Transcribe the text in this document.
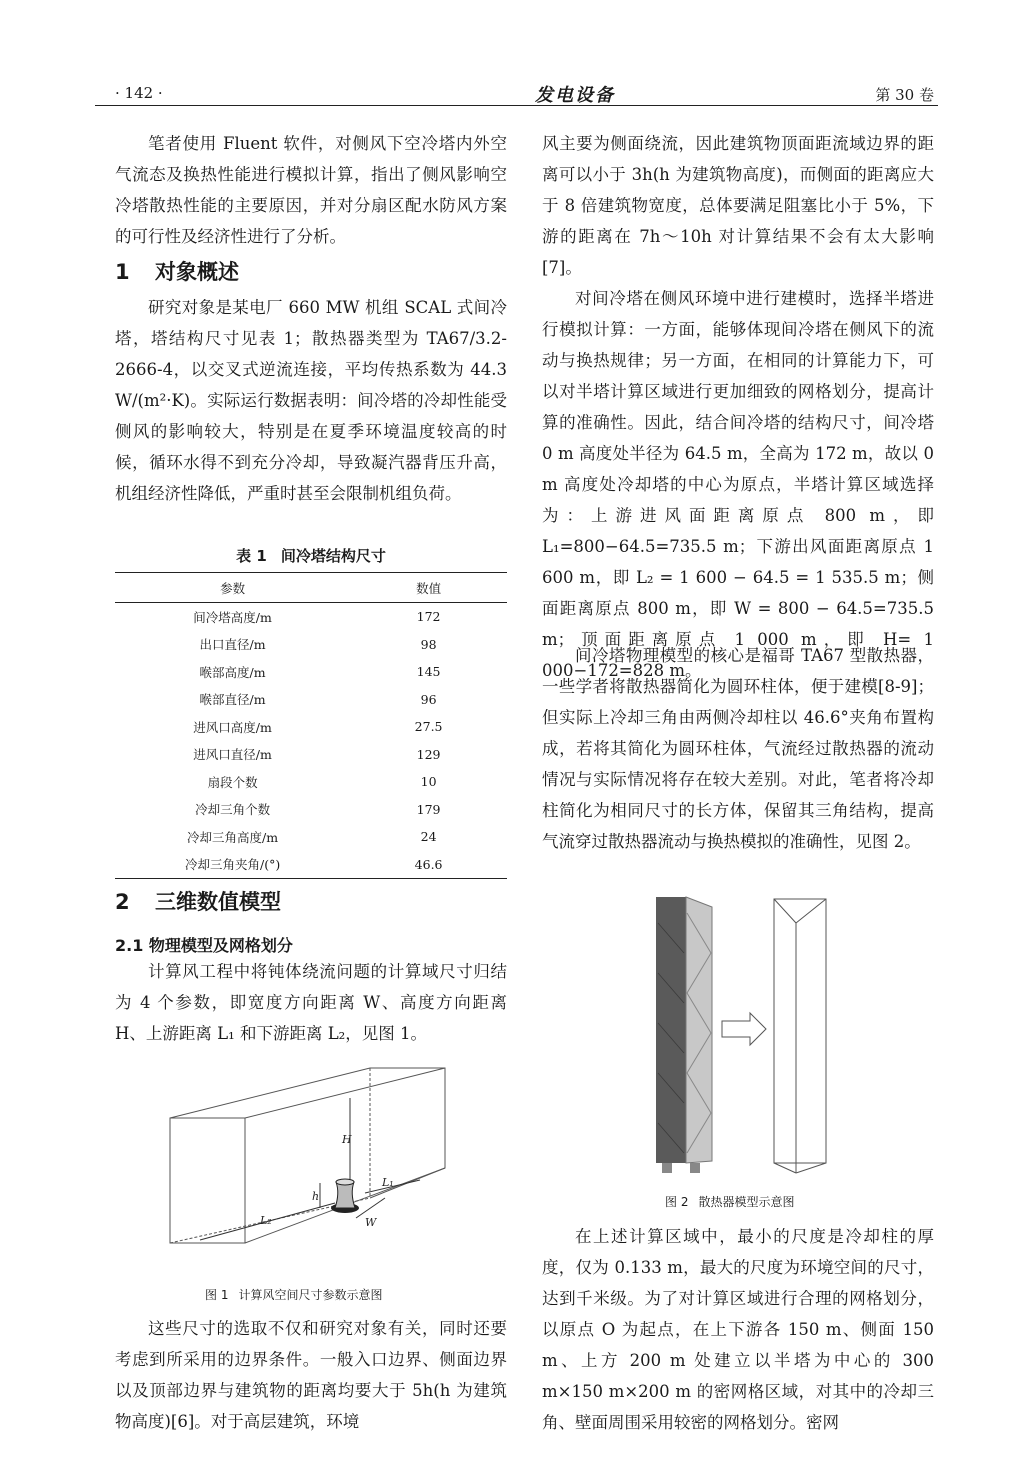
· 142 ·	发电设备	第 30 卷
笔者使用 Fluent 软件，对侧风下空冷塔内外空气流态及换热性能进行模拟计算，指出了侧风影响空冷塔散热性能的主要原因，并对分扇区配水防风方案的可行性及经济性进行了分析。
1 对象概述
研究对象是某电厂 660 MW 机组 SCAL 式间冷塔，塔结构尺寸见表 1；散热器类型为 TA67/3.2-2666-4，以交叉式逆流连接，平均传热系数为 44.3 W/(m²·K)。实际运行数据表明：间冷塔的冷却性能受侧风的影响较大，特别是在夏季环境温度较高的时候，循环水得不到充分冷却，导致凝汽器背压升高，机组经济性降低，严重时甚至会限制机组负荷。
表 1 间冷塔结构尺寸
参数	数值
间冷塔高度/m	172
出口直径/m	98
喉部高度/m	145
喉部直径/m	96
进风口高度/m	27.5
进风口直径/m	129
扇段个数	10
冷却三角个数	179
冷却三角高度/m	24
冷却三角夹角/(°)	46.6
2 三维数值模型
2.1 物理模型及网格划分
计算风工程中将钝体绕流问题的计算域尺寸归结为 4 个参数，即宽度方向距离 W、高度方向距离 H、上游距离 L₁ 和下游距离 L₂，见图 1。
H
h
L₁
L₂	W
图 1 计算风空间尺寸参数示意图
这些尺寸的选取不仅和研究对象有关，同时还要考虑到所采用的边界条件。一般入口边界、侧面边界以及顶部边界与建筑物的距离均要大于 5h(h 为建筑物高度)[6]。对于高层建筑，环境
风主要为侧面绕流，因此建筑物顶面距流域边界的距离可以小于 3h(h 为建筑物高度)，而侧面的距离应大于 8 倍建筑物宽度，总体要满足阻塞比小于 5%，下游的距离在 7h～10h 对计算结果不会有太大影响[7]。
对间冷塔在侧风环境中进行建模时，选择半塔进行模拟计算：一方面，能够体现间冷塔在侧风下的流动与换热规律；另一方面，在相同的计算能力下，可以对半塔计算区域进行更加细致的网格划分，提高计算的准确性。因此，结合间冷塔的结构尺寸，间冷塔 0 m 高度处半径为 64.5 m，全高为 172 m，故以 0 m 高度处冷却塔的中心为原点，半塔计算区域选择为：上游进风面距离原点 800 m，即L₁=800−64.5=735.5 m；下游出风面距离原点 1 600 m，即 L₂ = 1 600 − 64.5 = 1 535.5 m；侧面距离原点 800 m，即 W = 800 − 64.5=735.5 m；顶面距离原点 1 000 m，即 H= 1 000−172=828 m。
间冷塔物理模型的核心是福哥 TA67 型散热器，一些学者将散热器简化为圆环柱体，便于建模[8-9]；但实际上冷却三角由两侧冷却柱以 46.6°夹角布置构成，若将其简化为圆环柱体，气流经过散热器的流动情况与实际情况将存在较大差别。对此，笔者将冷却柱简化为相同尺寸的长方体，保留其三角结构，提高气流穿过散热器流动与换热模拟的准确性，见图 2。
图 2 散热器模型示意图
在上述计算区域中，最小的尺度是冷却柱的厚度，仅为 0.133 m，最大的尺度为环境空间的尺寸，达到千米级。为了对计算区域进行合理的网格划分，以原点 O 为起点，在上下游各 150 m、侧面 150 m、上方 200 m 处建立以半塔为中心的 300 m×150 m×200 m 的密网格区域，对其中的冷却三角、壁面周围采用较密的网格划分。密网
